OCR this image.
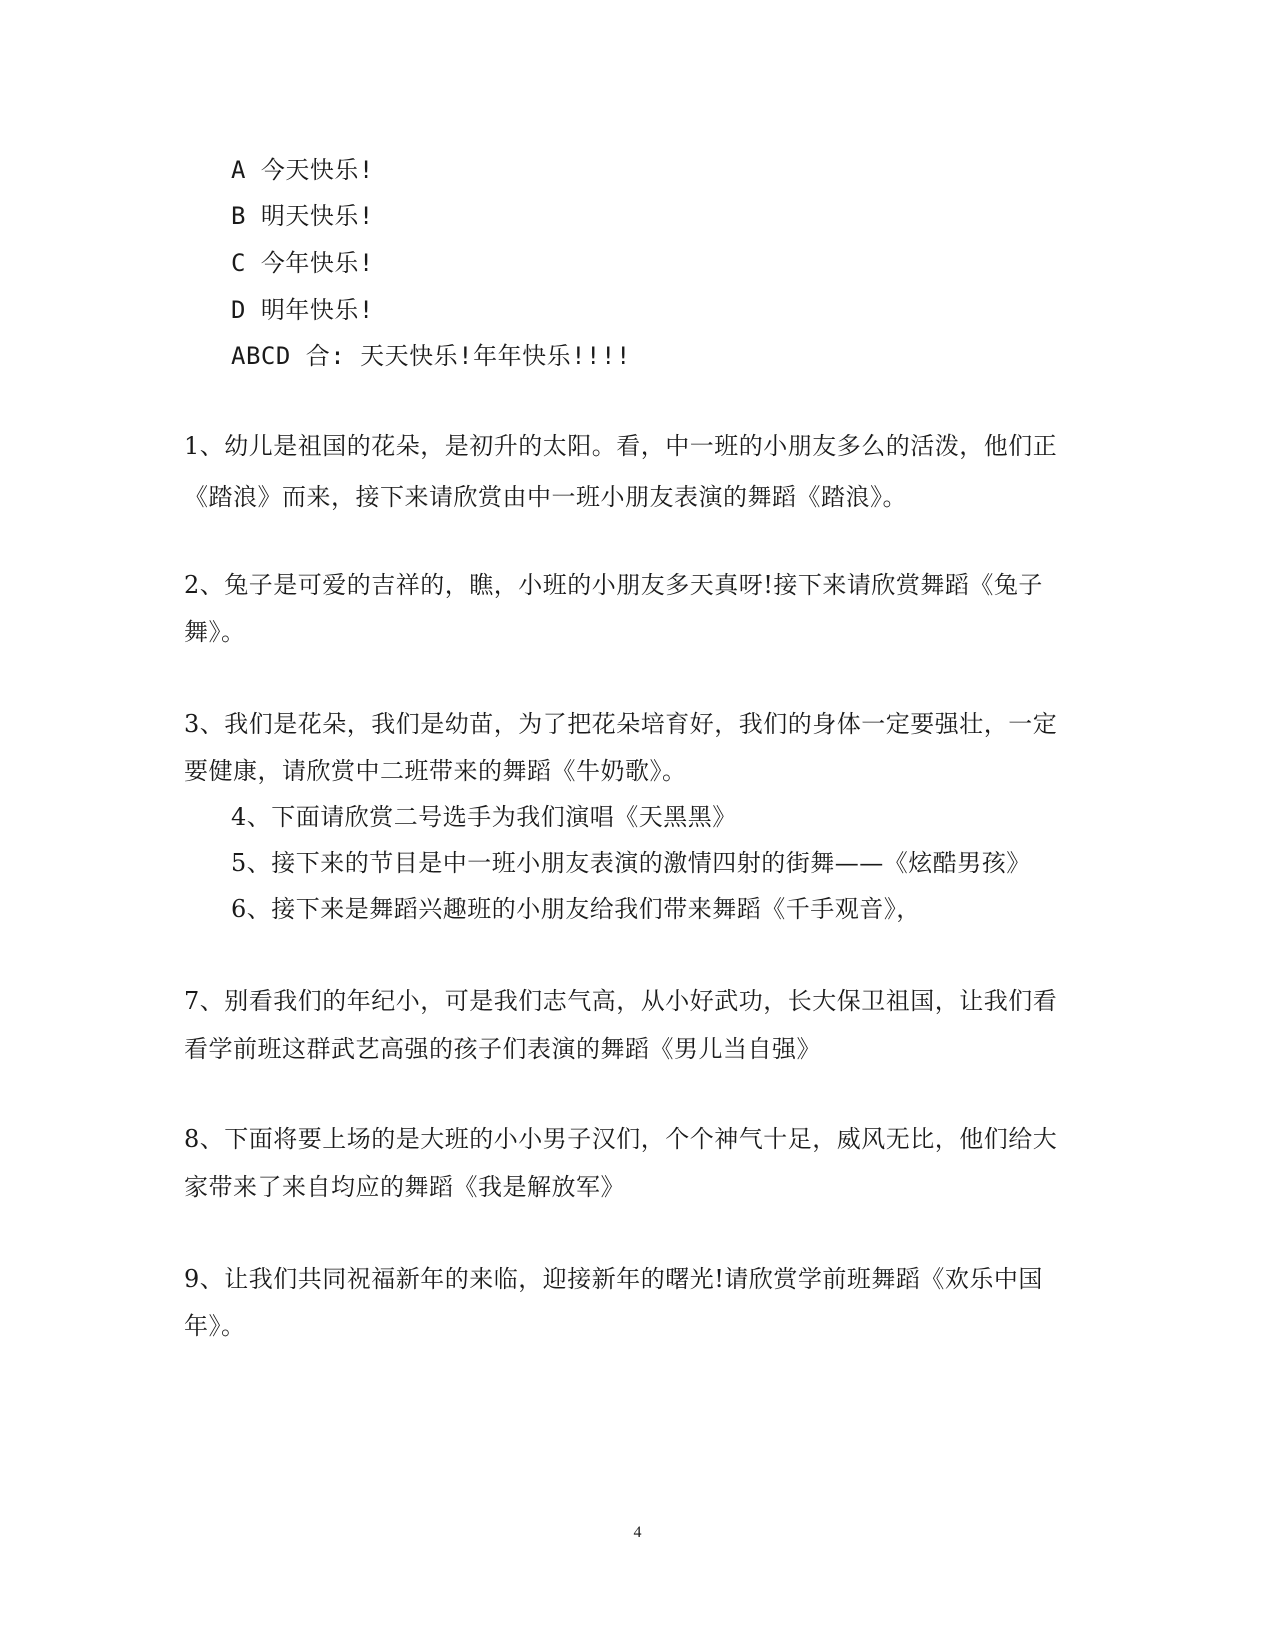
A 今天快乐!
B 明天快乐!
C 今年快乐!
D 明年快乐!
ABCD 合: 天天快乐!年年快乐!!!!
1、幼儿是祖国的花朵，是初升的太阳。看，中一班的小朋友多么的活泼，他们正
《踏浪》而来，接下来请欣赏由中一班小朋友表演的舞蹈《踏浪》。
2、兔子是可爱的吉祥的，瞧，小班的小朋友多天真呀!接下来请欣赏舞蹈《兔子
舞》。
3、我们是花朵，我们是幼苗，为了把花朵培育好，我们的身体一定要强壮，一定
要健康，请欣赏中二班带来的舞蹈《牛奶歌》。
4、下面请欣赏二号选手为我们演唱《天黑黑》
5、接下来的节目是中一班小朋友表演的激情四射的街舞——《炫酷男孩》
6、接下来是舞蹈兴趣班的小朋友给我们带来舞蹈《千手观音》，
7、别看我们的年纪小，可是我们志气高，从小好武功，长大保卫祖国，让我们看
看学前班这群武艺高强的孩子们表演的舞蹈《男儿当自强》
8、下面将要上场的是大班的小小男子汉们，个个神气十足，威风无比，他们给大
家带来了来自均应的舞蹈《我是解放军》
9、让我们共同祝福新年的来临，迎接新年的曙光!请欣赏学前班舞蹈《欢乐中国
年》。
4
